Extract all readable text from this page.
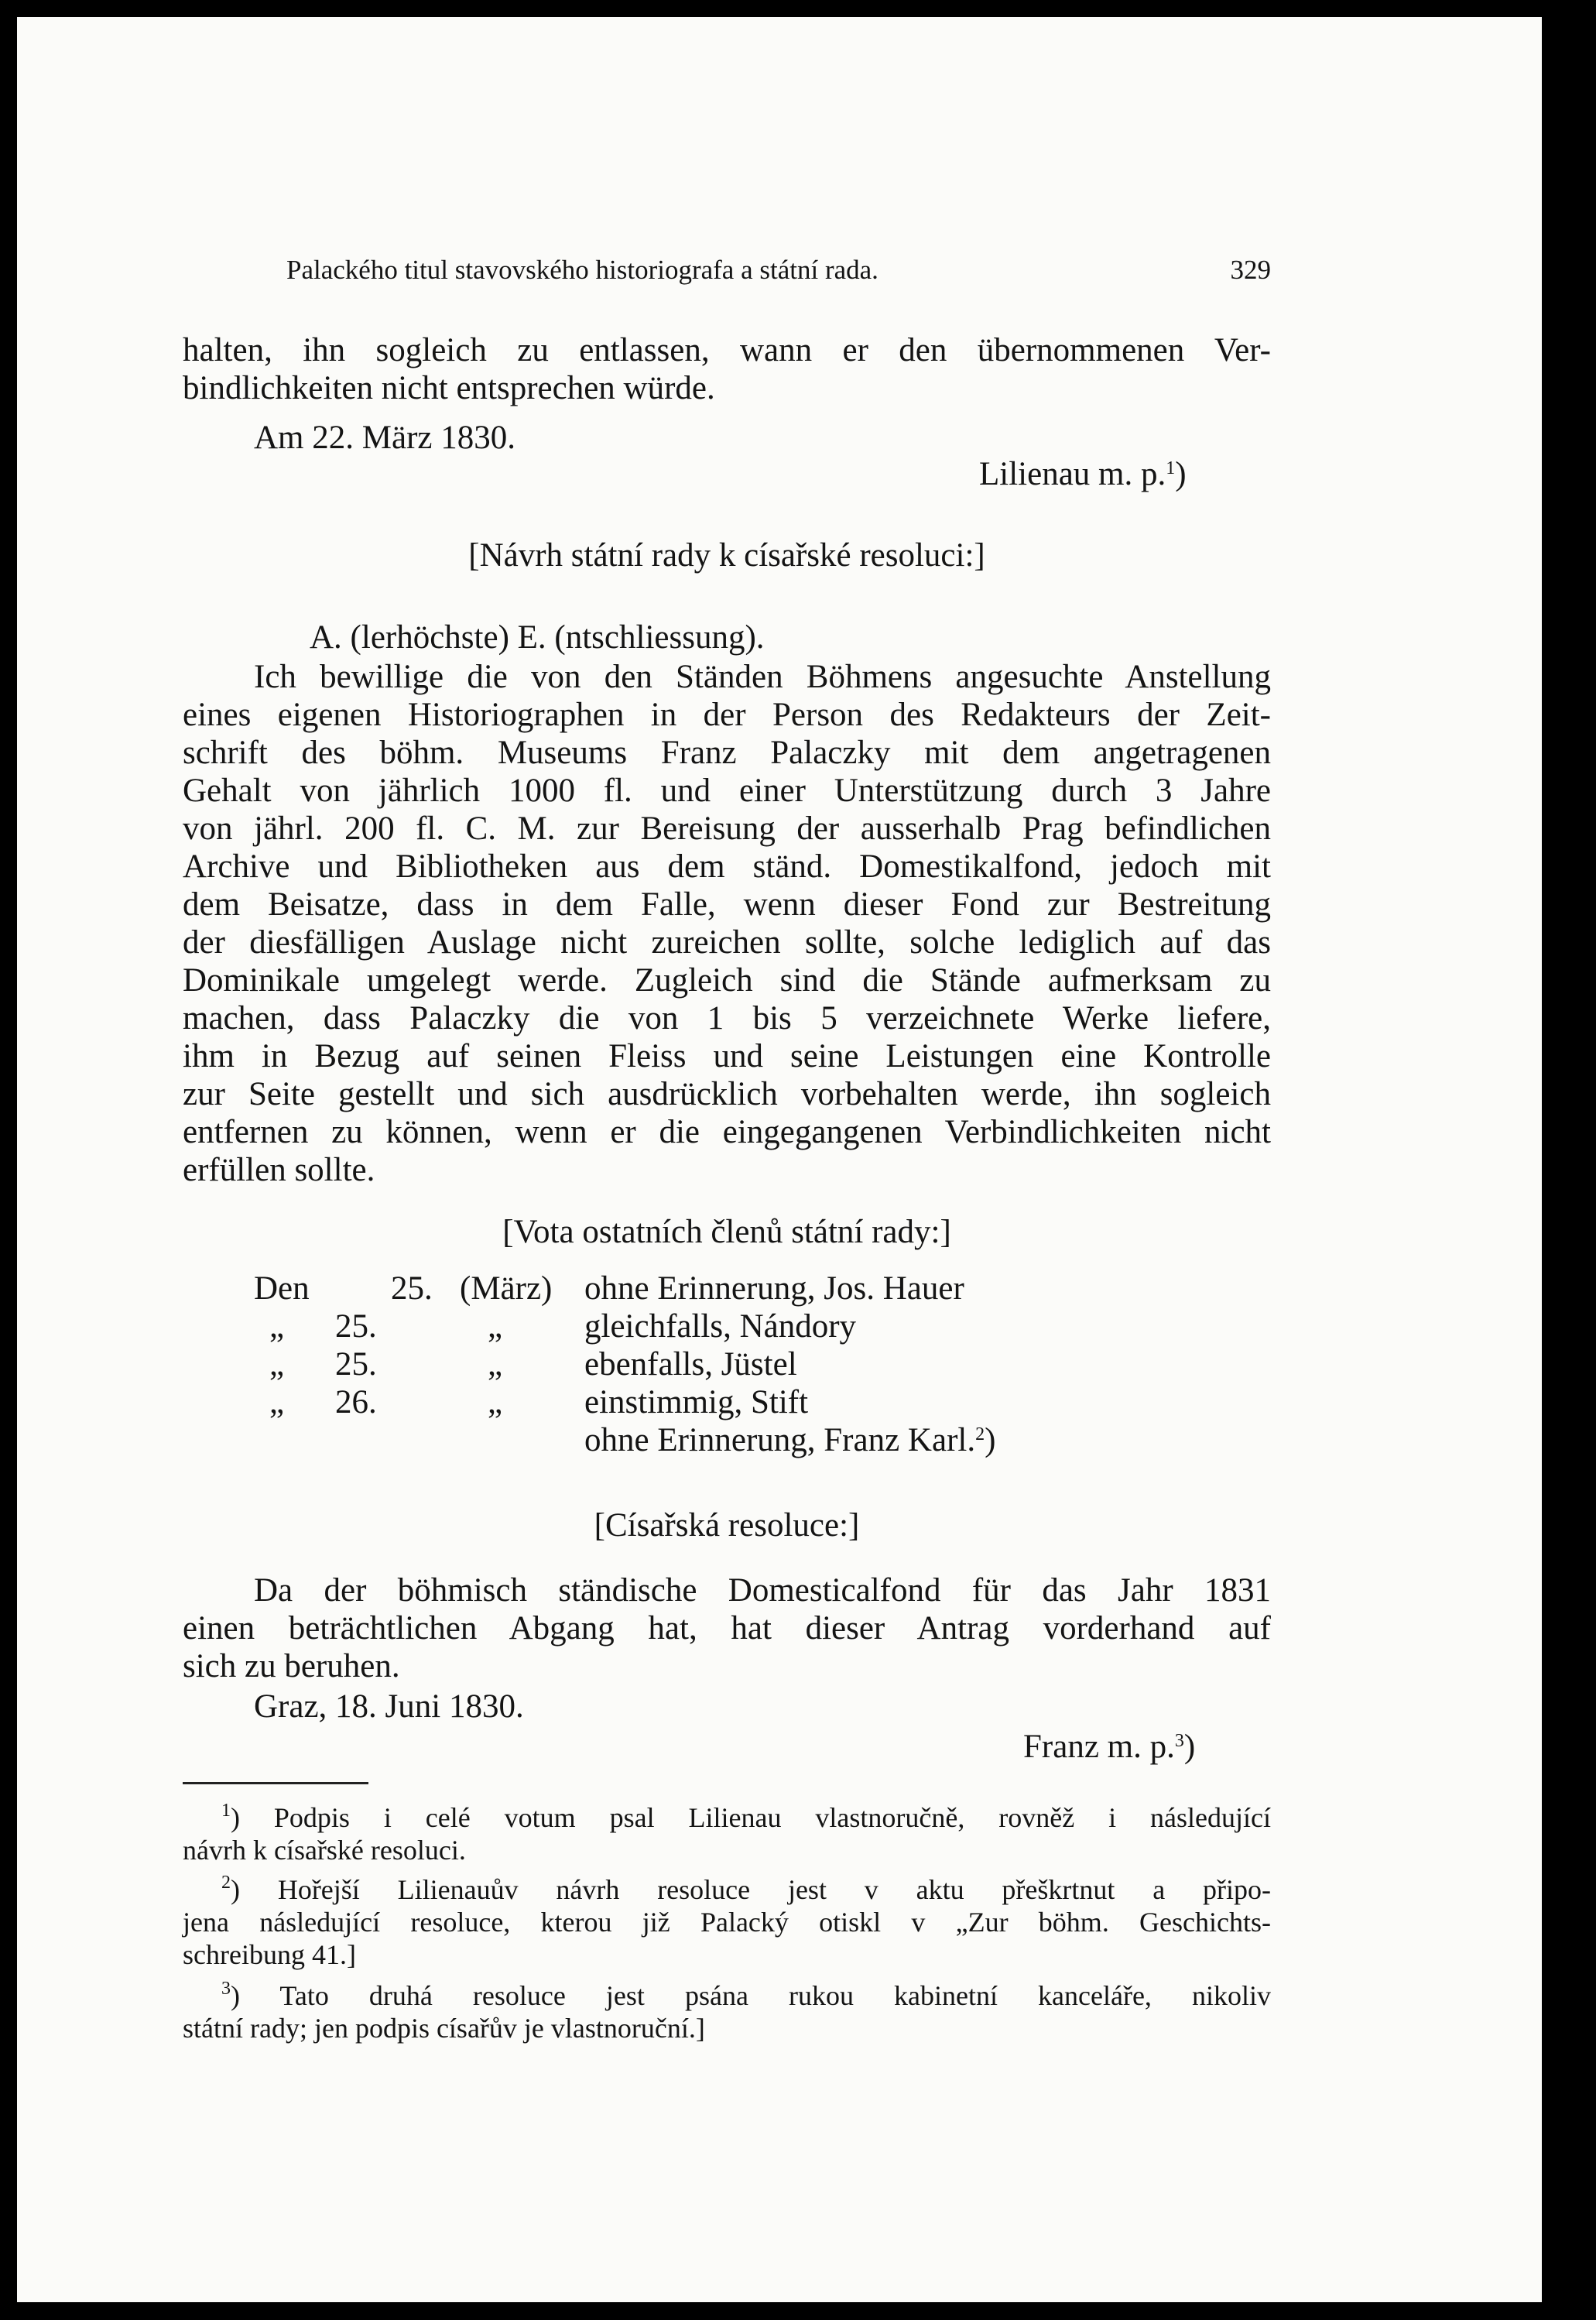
Palackého titul stavovského historiografa a státní rada.	329
halten, ihn sogleich zu entlassen, wann er den übernommenen Ver-
bindlichkeiten nicht entsprechen würde.
Am 22. März 1830.
Lilienau m. p.$^1$)
[Návrh státní rady k císařské resoluci:]
A. (lerhöchste) E. (ntschliessung).
Ich bewillige die von den Ständen Böhmens angesuchte Anstellung
eines eigenen Historiographen in der Person des Redakteurs der Zeit-
schrift des böhm. Museums Franz Palaczky mit dem angetragenen
Gehalt von jährlich 1000 fl. und einer Unterstützung durch 3 Jahre
von jährl. 200 fl. C. M. zur Bereisung der ausserhalb Prag befindlichen
Archive und Bibliotheken aus dem ständ. Domestikalfond, jedoch mit
dem Beisatze, dass in dem Falle, wenn dieser Fond zur Bestreitung
der diesfälligen Auslage nicht zureichen sollte, solche lediglich auf das
Dominikale umgelegt werde. Zugleich sind die Stände aufmerksam zu
machen, dass Palaczky die von 1 bis 5 verzeichnete Werke liefere,
ihm in Bezug auf seinen Fleiss und seine Leistungen eine Kontrolle
zur Seite gestellt und sich ausdrücklich vorbehalten werde, ihn sogleich
entfernen zu können, wenn er die eingegangenen Verbindlichkeiten nicht
erfüllen sollte.
[Vota ostatních členů státní rady:]
Den 25. (März) ohne Erinnerung, Jos. Hauer
„ 25.	„ gleichfalls, Nándory
„ 25.	„ ebenfalls, Jüstel
„ 26.	„ einstimmig, Stift
ohne Erinnerung, Franz Karl.$^2$)
[Císařská resoluce:]
Da der böhmisch ständische Domesticalfond für das Jahr 1831
einen beträchtlichen Abgang hat, hat dieser Antrag vorderhand auf
sich zu beruhen.
Graz, 18. Juni 1830.
Franz m. p.$^3$)
$^1$) Podpis i celé votum psal Lilienau vlastnoručně, rovněž i následující
návrh k císařské resoluci.
$^2$) Hořejší Lilienauův návrh resoluce jest v aktu přeškrtnut a připo-
jena následující resoluce, kterou již Palacký otiskl v „Zur böhm. Geschichts-
schreibung 41.]
$^3$) Tato druhá resoluce jest psána rukou kabinetní kanceláře, nikoliv
státní rady; jen podpis císařův je vlastnoruční.]
